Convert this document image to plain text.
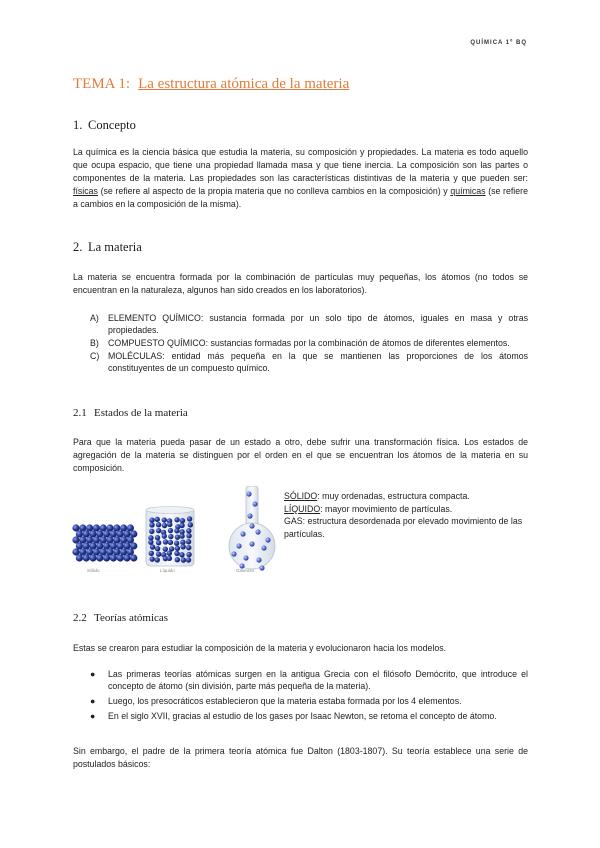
QUÍMICA 1º BQ
TEMA 1: La estructura atómica de la materia
1. Concepto
La química es la ciencia básica que estudia la materia, su composición y propiedades. La materia es todo aquello que ocupa espacio, que tiene una propiedad llamada masa y que tiene inercia. La composición son las partes o componentes de la materia. Las propiedades son las características distintivas de la materia y que pueden ser: físicas (se refiere al aspecto de la propia materia que no conlleva cambios en la composición) y químicas (se refiere a cambios en la composición de la misma).
2. La materia
La materia se encuentra formada por la combinación de partículas muy pequeñas, los átomos (no todos se encuentran en la naturaleza, algunos han sido creados en los laboratorios).
A) ELEMENTO QUÍMICO: sustancia formada por un solo tipo de átomos, iguales en masa y otras propiedades.
B) COMPUESTO QUÍMICO: sustancias formadas por la combinación de átomos de diferentes elementos.
C) MOLÉCULAS: entidad más pequeña en la que se mantienen las proporciones de los átomos constituyentes de un compuesto químico.
2.1 Estados de la materia
Para que la materia pueda pasar de un estado a otro, debe sufrir una transformación física. Los estados de agregación de la materia se distinguen por el orden en el que se encuentran los átomos de la materia en su composición.
Sólido	Líquido	Gaseoso
SÓLIDO: muy ordenadas, estructura compacta.
LÍQUIDO: mayor movimiento de partículas.
GAS: estructura desordenada por elevado movimiento de las partículas.
2.2 Teorías atómicas
Estas se crearon para estudiar la composición de la materia y evolucionaron hacia los modelos.
● Las primeras teorías atómicas surgen en la antigua Grecia con el filósofo Demócrito, que introduce el concepto de átomo (sin división, parte más pequeña de la materia).
● Luego, los presocráticos establecieron que la materia estaba formada por los 4 elementos.
● En el siglo XVII, gracias al estudio de los gases por Isaac Newton, se retoma el concepto de átomo.
Sin embargo, el padre de la primera teoría atómica fue Dalton (1803-1807). Su teoría establece una serie de postulados básicos:
